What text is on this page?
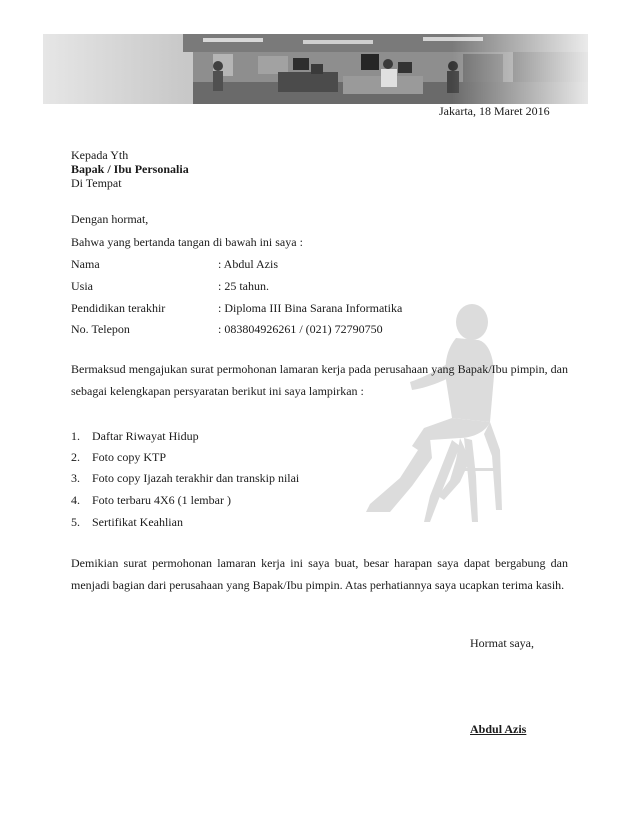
Jakarta, 18 Maret 2016
Kepada Yth
Bapak / Ibu Personalia
Di Tempat
Dengan hormat,
Bahwa yang bertanda tangan di bawah ini saya :
Nama	: Abdul Azis
Usia	: 25 tahun.
Pendidikan terakhir	: Diploma III Bina Sarana Informatika
No. Telepon	: 083804926261 / (021) 72790750
Bermaksud mengajukan surat permohonan lamaran kerja pada perusahaan yang Bapak/Ibu pimpin, dan sebagai kelengkapan persyaratan berikut ini saya lampirkan :
1. Daftar Riwayat Hidup
2. Foto copy KTP
3. Foto copy Ijazah terakhir dan transkip nilai
4. Foto terbaru 4X6 (1 lembar )
5. Sertifikat Keahlian
Demikian surat permohonan lamaran kerja ini saya buat, besar harapan saya dapat bergabung dan menjadi bagian dari perusahaan yang Bapak/Ibu pimpin. Atas perhatiannya saya ucapkan terima kasih.
Hormat saya,
Abdul Azis
